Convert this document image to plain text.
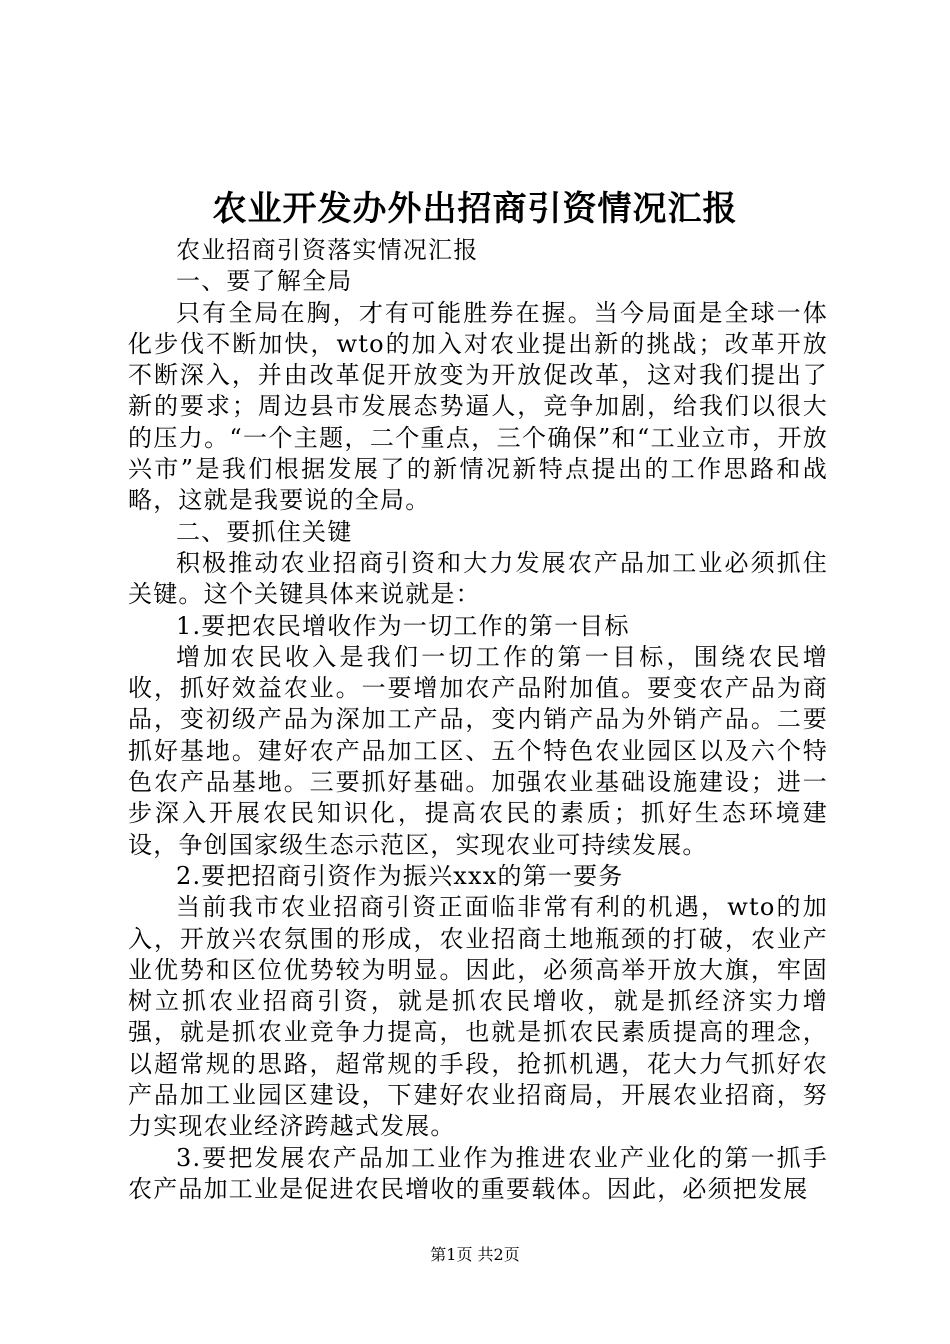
农业开发办外出招商引资情况汇报

农业招商引资落实情况汇报

一、要了解全局

只有全局在胸，才有可能胜券在握。当今局面是全球一体化步伐不断加快，wto的加入对农业提出新的挑战；改革开放不断深入，并由改革促开放变为开放促改革，这对我们提出了新的要求；周边县市发展态势逼人，竞争加剧，给我们以很大的压力。“一个主题，二个重点，三个确保”和“工业立市，开放兴市”是我们根据发展了的新情况新特点提出的工作思路和战略，这就是我要说的全局。

二、要抓住关键

积极推动农业招商引资和大力发展农产品加工业必须抓住关键。这个关键具体来说就是：

1.要把农民增收作为一切工作的第一目标

增加农民收入是我们一切工作的第一目标，围绕农民增收，抓好效益农业。一要增加农产品附加值。要变农产品为商品，变初级产品为深加工产品，变内销产品为外销产品。二要抓好基地。建好农产品加工区、五个特色农业园区以及六个特色农产品基地。三要抓好基础。加强农业基础设施建设；进一步深入开展农民知识化，提高农民的素质；抓好生态环境建设，争创国家级生态示范区，实现农业可持续发展。

2.要把招商引资作为振兴xxx的第一要务

当前我市农业招商引资正面临非常有利的机遇，wto的加入，开放兴农氛围的形成，农业招商土地瓶颈的打破，农业产业优势和区位优势较为明显。因此，必须高举开放大旗，牢固树立抓农业招商引资，就是抓农民增收，就是抓经济实力增强，就是抓农业竞争力提高，也就是抓农民素质提高的理念，以超常规的思路，超常规的手段，抢抓机遇，花大力气抓好农产品加工业园区建设，下建好农业招商局，开展农业招商，努力实现农业经济跨越式发展。

3.要把发展农产品加工业作为推进农业产业化的第一抓手农产品加工业是促进农民增收的重要载体。因此，必须把发展

第1页 共2页
